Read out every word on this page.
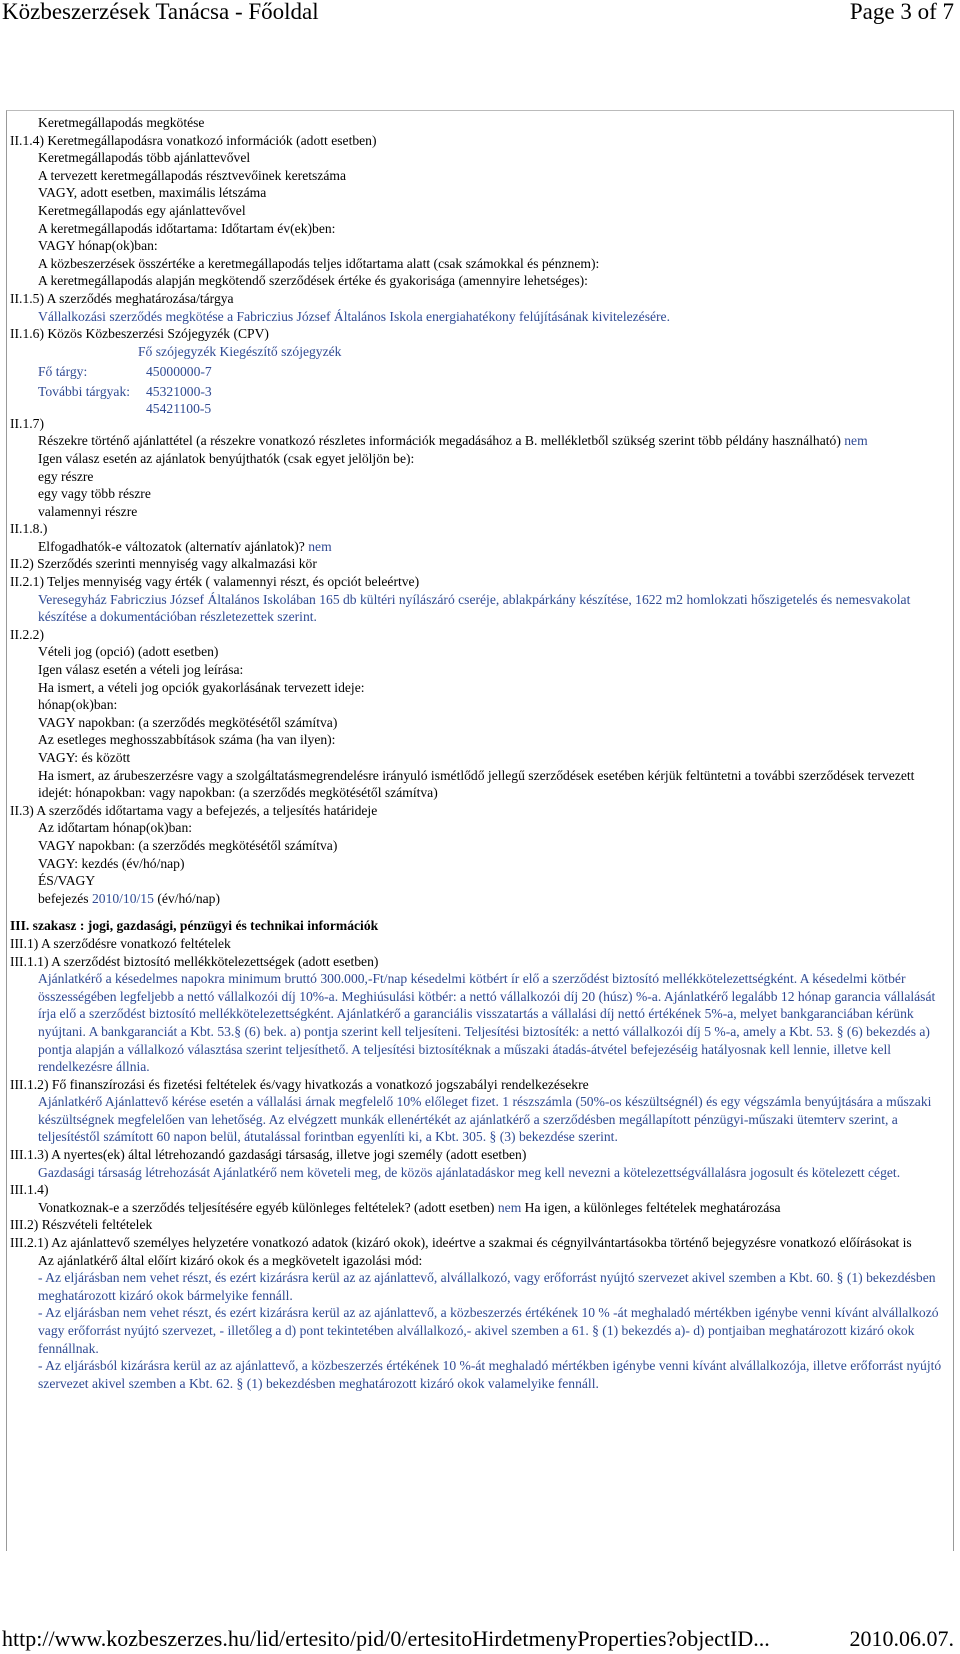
Közbeszerzések Tanácsa - Főoldal	Page 3 of 7
Keretmegállapodás megkötése
II.1.4) Keretmegállapodásra vonatkozó információk (adott esetben)
Keretmegállapodás több ajánlattevővel
A tervezett keretmegállapodás résztvevőinek keretszáma
VAGY, adott esetben, maximális létszáma
Keretmegállapodás egy ajánlattevővel
A keretmegállapodás időtartama: Időtartam év(ek)ben:
VAGY hónap(ok)ban:
A közbeszerzések összértéke a keretmegállapodás teljes időtartama alatt (csak számokkal és pénznem):
A keretmegállapodás alapján megkötendő szerződések értéke és gyakorisága (amennyire lehetséges):
II.1.5) A szerződés meghatározása/tárgya
Vállalkozási szerződés megkötése a Fabriczius József Általános Iskola energiahatékony felújításának kivitelezésére.
II.1.6) Közös Közbeszerzési Szójegyzék (CPV)
Fő szójegyzék Kiegészítő szójegyzék
Fő tárgy:	45000000-7
További tárgyak: 45321000-3
45421100-5
II.1.7)
Részekre történő ajánlattétel (a részekre vonatkozó részletes információk megadásához a B. mellékletből szükség szerint több példány használható) nem
Igen válasz esetén az ajánlatok benyújthatók (csak egyet jelöljön be):
egy részre
egy vagy több részre
valamennyi részre
II.1.8.)
Elfogadhatók-e változatok (alternatív ajánlatok)? nem
II.2) Szerződés szerinti mennyiség vagy alkalmazási kör
II.2.1) Teljes mennyiség vagy érték ( valamennyi részt, és opciót beleértve)
Veresegyház Fabriczius József Általános Iskolában 165 db kültéri nyílászáró cseréje, ablakpárkány készítése, 1622 m2 homlokzati hőszigetelés és nemesvakolat készítése a dokumentációban részletezettek szerint.
II.2.2)
Vételi jog (opció) (adott esetben)
Igen válasz esetén a vételi jog leírása:
Ha ismert, a vételi jog opciók gyakorlásának tervezett ideje:
hónap(ok)ban:
VAGY napokban: (a szerződés megkötésétől számítva)
Az esetleges meghosszabbítások száma (ha van ilyen):
VAGY: és között
Ha ismert, az árubeszerzésre vagy a szolgáltatásmegrendelésre irányuló ismétlődő jellegű szerződések esetében kérjük feltüntetni a további szerződések tervezett idejét: hónapokban: vagy napokban: (a szerződés megkötésétől számítva)
II.3) A szerződés időtartama vagy a befejezés, a teljesítés határideje
Az időtartam hónap(ok)ban:
VAGY napokban: (a szerződés megkötésétől számítva)
VAGY: kezdés (év/hó/nap)
ÉS/VAGY
befejezés 2010/10/15 (év/hó/nap)
III. szakasz : jogi, gazdasági, pénzügyi és technikai információk
III.1) A szerződésre vonatkozó feltételek
III.1.1) A szerződést biztosító mellékkötelezettségek (adott esetben)
Ajánlatkérő a késedelmes napokra minimum bruttó 300.000,-Ft/nap késedelmi kötbért ír elő a szerződést biztosító mellékkötelezettségként. A késedelmi kötbér összességében legfeljebb a nettó vállalkozói díj 10%-a. Meghiúsulási kötbér: a nettó vállalkozói díj 20 (húsz) %-a. Ajánlatkérő legalább 12 hónap garancia vállalását írja elő a szerződést biztosító mellékkötelezettségként. Ajánlatkérő a garanciális visszatartás a vállalási díj nettó értékének 5%-a, melyet bankgaranciában kérünk nyújtani. A bankgaranciát a Kbt. 53.§ (6) bek. a) pontja szerint kell teljesíteni. Teljesítési biztosíték: a nettó vállalkozói díj 5 %-a, amely a Kbt. 53. § (6) bekezdés a) pontja alapján a vállalkozó választása szerint teljesíthető. A teljesítési biztosítéknak a műszaki átadás-átvétel befejezéséig hatályosnak kell lennie, illetve kell rendelkezésre állnia.
III.1.2) Fő finanszírozási és fizetési feltételek és/vagy hivatkozás a vonatkozó jogszabályi rendelkezésekre
Ajánlatkérő Ajánlattevő kérése esetén a vállalási árnak megfelelő 10% előleget fizet. 1 részszámla (50%-os készültségnél) és egy végszámla benyújtására a műszaki készültségnek megfelelően van lehetőség. Az elvégzett munkák ellenértékét az ajánlatkérő a szerződésben megállapított pénzügyi-műszaki ütemterv szerint, a teljesítéstől számított 60 napon belül, átutalással forintban egyenlíti ki, a Kbt. 305. § (3) bekezdése szerint.
III.1.3) A nyertes(ek) által létrehozandó gazdasági társaság, illetve jogi személy (adott esetben)
Gazdasági társaság létrehozását Ajánlatkérő nem követeli meg, de közös ajánlatadáskor meg kell nevezni a kötelezettségvállalásra jogosult és kötelezett céget.
III.1.4)
Vonatkoznak-e a szerződés teljesítésére egyéb különleges feltételek? (adott esetben) nem Ha igen, a különleges feltételek meghatározása
III.2) Részvételi feltételek
III.2.1) Az ajánlattevő személyes helyzetére vonatkozó adatok (kizáró okok), ideértve a szakmai és cégnyilvántartásokba történő bejegyzésre vonatkozó előírásokat is
Az ajánlatkérő által előírt kizáró okok és a megkövetelt igazolási mód:
- Az eljárásban nem vehet részt, és ezért kizárásra kerül az az ajánlattevő, alvállalkozó, vagy erőforrást nyújtó szervezet akivel szemben a Kbt. 60. § (1) bekezdésben meghatározott kizáró okok bármelyike fennáll.
- Az eljárásban nem vehet részt, és ezért kizárásra kerül az az ajánlattevő, a közbeszerzés értékének 10 % -át meghaladó mértékben igénybe venni kívánt alvállalkozó vagy erőforrást nyújtó szervezet, - illetőleg a d) pont tekintetében alvállalkozó,- akivel szemben a 61. § (1) bekezdés a)- d) pontjaiban meghatározott kizáró okok fennállnak.
- Az eljárásból kizárásra kerül az az ajánlattevő, a közbeszerzés értékének 10 %-át meghaladó mértékben igénybe venni kívánt alvállalkozója, illetve erőforrást nyújtó szervezet akivel szemben a Kbt. 62. § (1) bekezdésben meghatározott kizáró okok valamelyike fennáll.
http://www.kozbeszerzes.hu/lid/ertesito/pid/0/ertesitoHirdetmenyProperties?objectID...	2010.06.07.
